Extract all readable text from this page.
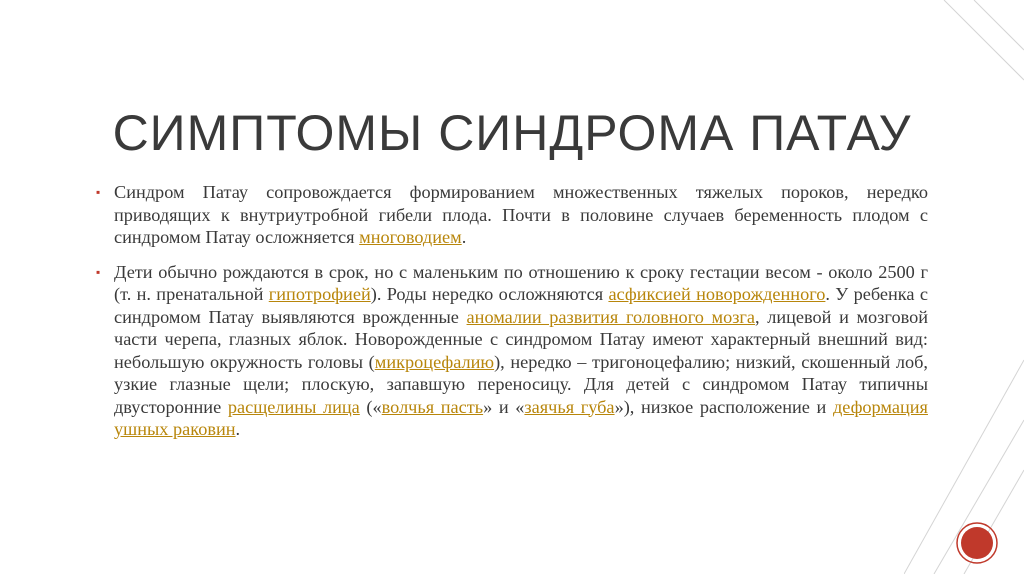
СИМПТОМЫ СИНДРОМА ПАТАУ
▪ Синдром Патау сопровождается формированием множественных тяжелых пороков, нередко приводящих к внутриутробной гибели плода. Почти в половине случаев беременность плодом с синдромом Патау осложняется многоводием.
▪ Дети обычно рождаются в срок, но с маленьким по отношению к сроку гестации весом - около 2500 г (т. н. пренатальной гипотрофией). Роды нередко осложняются асфиксией новорожденного. У ребенка с синдромом Патау выявляются врожденные аномалии развития головного мозга, лицевой и мозговой части черепа, глазных яблок. Новорожденные с синдромом Патау имеют характерный внешний вид: небольшую окружность головы (микроцефалию), нередко – тригоноцефалию; низкий, скошенный лоб, узкие глазные щели; плоскую, запавшую переносицу. Для детей с синдромом Патау типичны двусторонние расщелины лица («волчья пасть» и «заячья губа»), низкое расположение и деформация ушных раковин.
